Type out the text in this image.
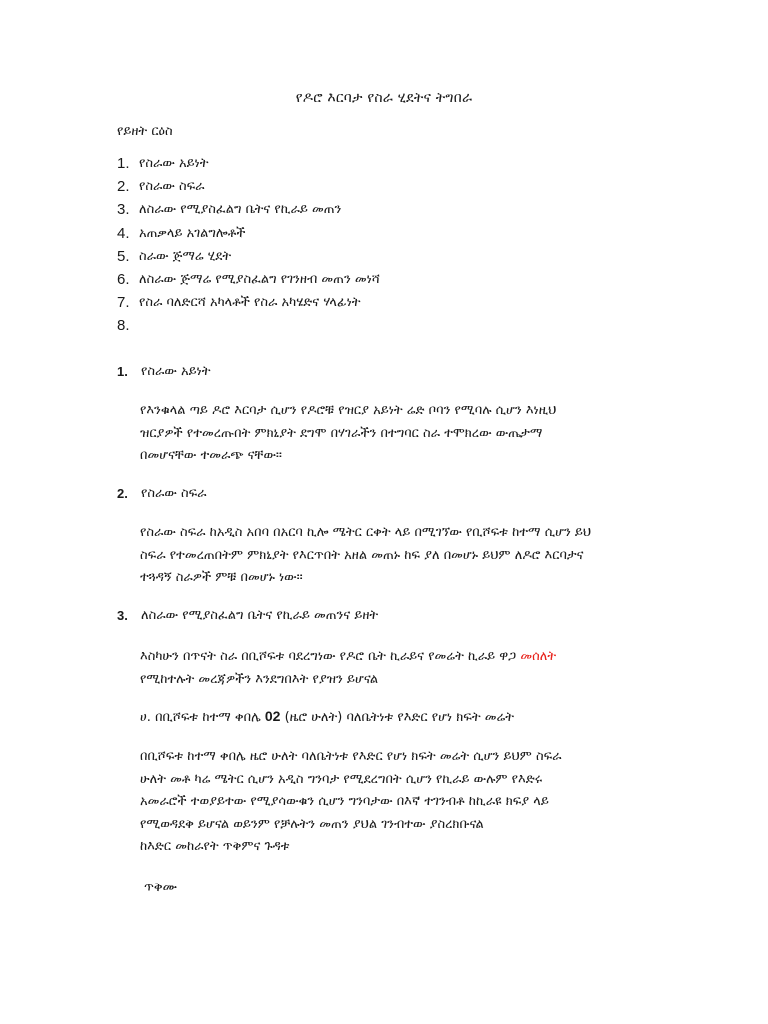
የዶሮ እርባታ የስራ ሂደትና ትግበራ
የይዘት ርዕስ
1. የስራው አይነት
2. የስራው ስፍራ
3. ለስራው የሚያስፈልግ ቤትና የኪራይ መጠን
4. አጠቃላይ አገልግሎቶች
5. ስራው ጅማሬ ሂደት
6. ለስራው ጅማሬ የሚያስፈልግ የገንዘብ መጠን መነሻ
7. የስራ ባለድርሻ አካላቶች የስራ አካሄድና ሃላፊነት
8.
1.	የስራው አይነት

የእንቁላል ጣይ ዶሮ እርባታ ሲሆን የዶሮቹ የዝርያ አይነት ሬድ ቦባን የሚባሉ ሲሆን እነዚህ
ዝርያዎች የተመረጡበት ምክኒያት ደግሞ በሃገራችን በተግባር ስራ ተሞክረው ውጤታማ
በመሆናቸው ተመራጭ ናቸው።

2.	የስራው ስፍራ

የስራው ስፍራ ከአዲስ አበባ በአርባ ኪሎ ሜትር ርቀት ላይ በሚገኘው የቢሾፍቱ ከተማ ሲሆን ይህ
ስፍራ የተመረጠበትም ምክኒያት የእርጥበት አዘል መጠኑ ከፍ ያለ በመሆኑ ይህም ለዶሮ እርባታና
ተጓዳኝ ስራዎች ምቹ በመሆኑ ነው።

3.	ለስራው የሚያስፈልግ ቤትና የኪራይ መጠንና ይዘት

እስካሁን በጥናት ስራ በቢሾፍቱ ባደረግነው የዶሮ ቤት ኪራይና የመሬት ኪራይ ዋጋ መሰለት
የሚከተሉት መረጃዎችን እንደግበእት የያዝን ይሆናል

ሀ. በቢሾፍቱ ከተማ ቀበሌ 02 (ዜሮ ሁለት) ባለቤትነቱ የእድር የሆነ ክፍት መሬት

በቢሾፍቱ ከተማ ቀበሌ ዜሮ ሁለት ባለቤትነቱ የእድር የሆነ ክፍት መሬት ሲሆን ይህም ስፍራ
ሁለት መቶ ካሬ ሜትር ሲሆን አዲስ ግንባታ የሚደረግበት ሲሆን የኪራይ ውሉም የእድሩ
አመራሮች ተወያይተው የሚያሳውቁን ሲሆን ግንባታው በእኛ ተገንብቶ ከኪራዩ ክፍያ ላይ
የሚወዳደቅ ይሆናል ወይንም የቻሉትን መጠን ያህል ገንብተው ያስረክቡናል
ከእድር መከራየት ጥቅምና ጉዳቱ

ጥቅሙ
